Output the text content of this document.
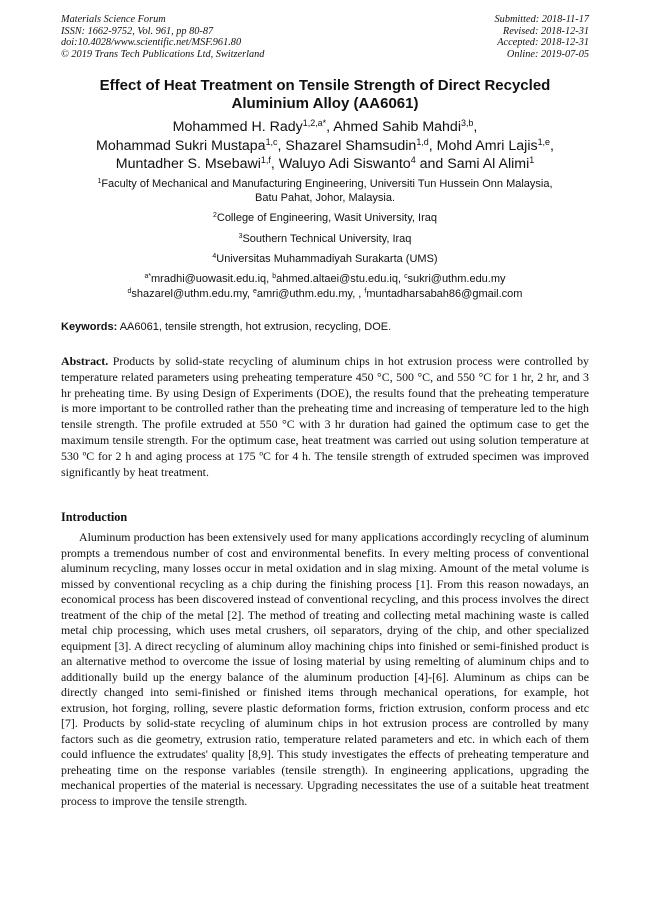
Materials Science Forum
ISSN: 1662-9752, Vol. 961, pp 80-87
doi:10.4028/www.scientific.net/MSF.961.80
© 2019 Trans Tech Publications Ltd, Switzerland
Submitted: 2018-11-17
Revised: 2018-12-31
Accepted: 2018-12-31
Online: 2019-07-05
Effect of Heat Treatment on Tensile Strength of Direct Recycled
Aluminium Alloy (AA6061)
Mohammed H. Rady$^{1,2,a*}$, Ahmed Sahib Mahdi$^{3,b}$,
Mohammad Sukri Mustapa$^{1,c}$, Shazarel Shamsudin$^{1,d}$, Mohd Amri Lajis$^{1,e}$,
Muntadher S. Msebawi$^{1,f}$, Waluyo Adi Siswanto$^4$ and Sami Al Alimi$^1$
$^1$Faculty of Mechanical and Manufacturing Engineering, Universiti Tun Hussein Onn Malaysia,
Batu Pahat, Johor, Malaysia.
$^2$College of Engineering, Wasit University, Iraq
$^3$Southern Technical University, Iraq
$^4$Universitas Muhammadiyah Surakarta (UMS)
$^{a*}$mradhi@uowasit.edu.iq, $^b$ahmed.altaei@stu.edu.iq, $^c$sukri@uthm.edu.my
$^d$shazarel@uthm.edu.my, $^e$amri@uthm.edu.my, , $^f$muntadharsabah86@gmail.com
Keywords: AA6061, tensile strength, hot extrusion, recycling, DOE.

Abstract. Products by solid-state recycling of aluminum chips in hot extrusion process were controlled by temperature related parameters using preheating temperature 450 °C, 500 °C, and 550 °C for 1 hr, 2 hr, and 3 hr preheating time. By using Design of Experiments (DOE), the results found that the preheating temperature is more important to be controlled rather than the preheating time and increasing of temperature led to the high tensile strength. The profile extruded at 550 °C with 3 hr duration had gained the optimum case to get the maximum tensile strength. For the optimum case, heat treatment was carried out using solution temperature at 530 ºC for 2 h and aging process at 175 ºC for 4 h. The tensile strength of extruded specimen was improved significantly by heat treatment.

Introduction

Aluminum production has been extensively used for many applications accordingly recycling of aluminum prompts a tremendous number of cost and environmental benefits. In every melting process of conventional aluminum recycling, many losses occur in metal oxidation and in slag mixing. Amount of the metal volume is missed by conventional recycling as a chip during the finishing process [1]. From this reason nowadays, an economical process has been discovered instead of conventional recycling, and this process involves the direct treatment of the chip of the metal [2]. The method of treating and collecting metal machining waste is called metal chip processing, which uses metal crushers, oil separators, drying of the chip, and other specialized equipment [3]. A direct recycling of aluminum alloy machining chips into finished or semi-finished product is an alternative method to overcome the issue of losing material by using remelting of aluminum chips and to additionally build up the energy balance of the aluminum production [4]-[6]. Aluminum as chips can be directly changed into semi-finished or finished items through mechanical operations, for example, hot extrusion, hot forging, rolling, severe plastic deformation forms, friction extrusion, conform process and etc [7]. Products by solid-state recycling of aluminum chips in hot extrusion process are controlled by many factors such as die geometry, extrusion ratio, temperature related parameters and etc. in which each of them could influence the extrudates' quality [8,9]. This study investigates the effects of preheating temperature and preheating time on the response variables (tensile strength). In engineering applications, upgrading the mechanical properties of the material is necessary. Upgrading necessitates the use of a suitable heat treatment process to improve the tensile strength.
